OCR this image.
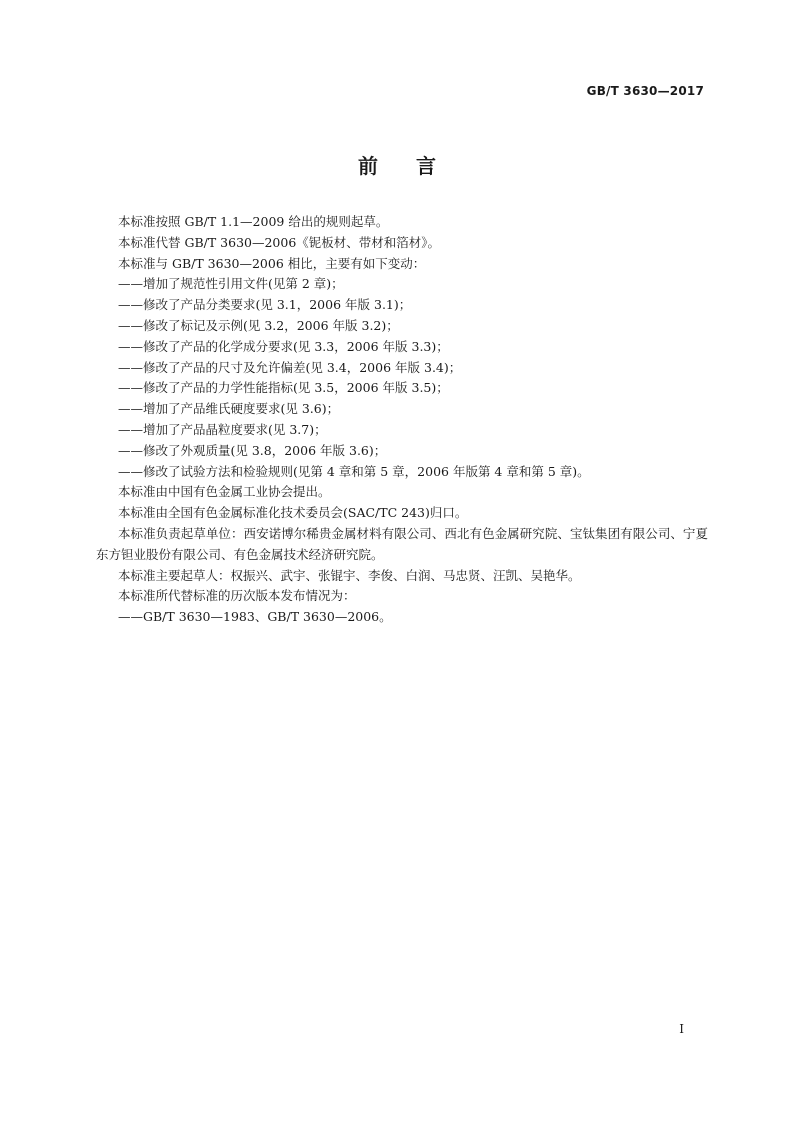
GB/T 3630—2017
前言

本标准按照 GB/T 1.1—2009 给出的规则起草。

本标准代替 GB/T 3630—2006《铌板材、带材和箔材》。

本标准与 GB/T 3630—2006 相比，主要有如下变动：

——增加了规范性引用文件(见第 2 章)；

——修改了产品分类要求(见 3.1，2006 年版 3.1)；

——修改了标记及示例(见 3.2，2006 年版 3.2)；

——修改了产品的化学成分要求(见 3.3，2006 年版 3.3)；

——修改了产品的尺寸及允许偏差(见 3.4，2006 年版 3.4)；

——修改了产品的力学性能指标(见 3.5，2006 年版 3.5)；

——增加了产品维氏硬度要求(见 3.6)；

——增加了产品晶粒度要求(见 3.7)；

——修改了外观质量(见 3.8，2006 年版 3.6)；

——修改了试验方法和检验规则(见第 4 章和第 5 章，2006 年版第 4 章和第 5 章)。

本标准由中国有色金属工业协会提出。

本标准由全国有色金属标准化技术委员会(SAC/TC 243)归口。

本标准负责起草单位：西安诺博尔稀贵金属材料有限公司、西北有色金属研究院、宝钛集团有限公司、宁夏东方钽业股份有限公司、有色金属技术经济研究院。

本标准主要起草人：权振兴、武宇、张锟宇、李俊、白润、马忠贤、汪凯、吴艳华。

本标准所代替标准的历次版本发布情况为：

——GB/T 3630—1983、GB/T 3630—2006。

I
